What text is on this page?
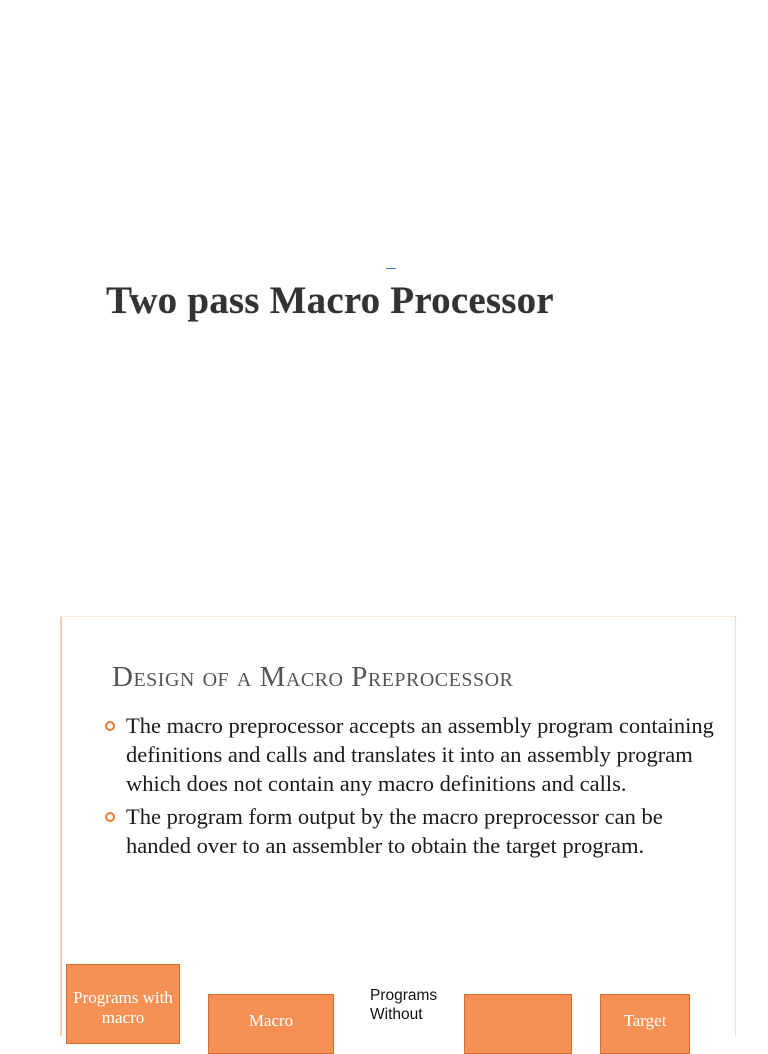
Two pass Macro Processor
Design of a Macro Preprocessor
The macro preprocessor accepts an assembly program containing definitions and calls and translates it into an assembly program which does not contain any macro definitions and calls.
The program form output by the macro preprocessor can be handed over to an assembler to obtain the target program.
Programs with macro	Macro
Programs Without	Target
